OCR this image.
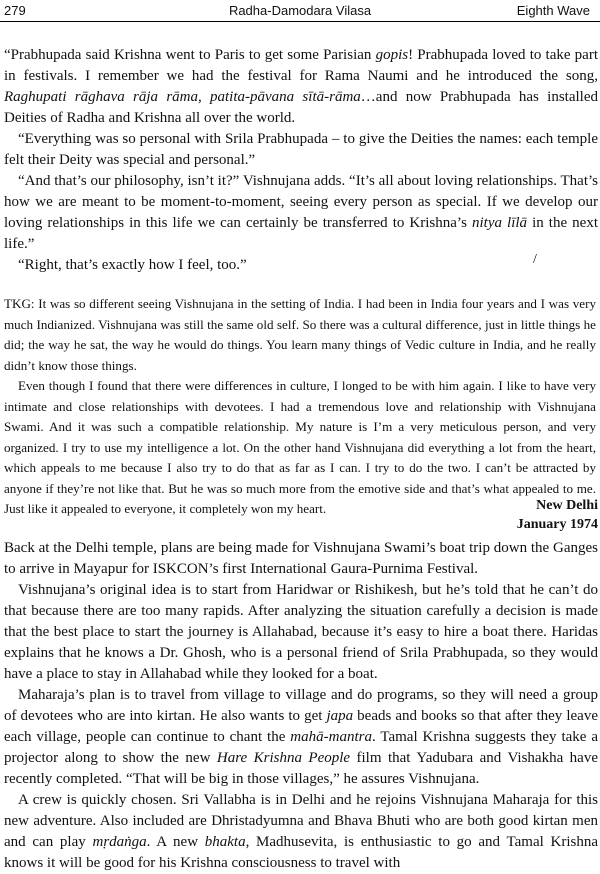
279	Radha-Damodara Vilasa	Eighth Wave

“Prabhupada said Krishna went to Paris to get some Parisian gopis! Prabhupada loved to take part in festivals. I remember we had the festival for Rama Naumi and he introduced the song, Raghupati rāghava rāja rāma, patita-pāvana sītā-rāma…and now Prabhupada has installed Deities of Radha and Krishna all over the world.

“Everything was so personal with Srila Prabhupada – to give the Deities the names: each temple felt their Deity was special and personal.”

“And that’s our philosophy, isn’t it?” Vishnujana adds. “It’s all about loving relationships. That’s how we are meant to be moment-to-moment, seeing every person as special. If we develop our loving relationships in this life we can certainly be transferred to Krishna’s nitya līlā in the next life.”

“Right, that’s exactly how I feel, too.”	/

TKG: It was so different seeing Vishnujana in the setting of India. I had been in India four years and I was very much Indianized. Vishnujana was still the same old self. So there was a cultural difference, just in little things he did; the way he sat, the way he would do things. You learn many things of Vedic culture in India, and he really didn’t know those things.

Even though I found that there were differences in culture, I longed to be with him again. I like to have very intimate and close relationships with devotees. I had a tremendous love and relationship with Vishnujana Swami. And it was such a compatible relationship. My nature is I’m a very meticulous person, and very organized. I try to use my intelligence a lot. On the other hand Vishnujana did everything a lot from the heart, which appeals to me because I also try to do that as far as I can. I try to do the two. I can’t be attracted by anyone if they’re not like that. But he was so much more from the emotive side and that’s what appealed to me. Just like it appealed to everyone, it completely won my heart.	New Delhi

January 1974

Back at the Delhi temple, plans are being made for Vishnujana Swami’s boat trip down the Ganges to arrive in Mayapur for ISKCON’s first International Gaura-Purnima Festival.

Vishnujana’s original idea is to start from Haridwar or Rishikesh, but he’s told that he can’t do that because there are too many rapids. After analyzing the situation carefully a decision is made that the best place to start the journey is Allahabad, because it’s easy to hire a boat there. Haridas explains that he knows a Dr. Ghosh, who is a personal friend of Srila Prabhupada, so they would have a place to stay in Allahabad while they looked for a boat.

Maharaja’s plan is to travel from village to village and do programs, so they will need a group of devotees who are into kirtan. He also wants to get japa beads and books so that after they leave each village, people can continue to chant the mahā-mantra. Tamal Krishna suggests they take a projector along to show the new Hare Krishna People film that Yadubara and Vishakha have recently completed. “That will be big in those villages,” he assures Vishnujana.

A crew is quickly chosen. Sri Vallabha is in Delhi and he rejoins Vishnujana Maharaja for this new adventure. Also included are Dhristadyumna and Bhava Bhuti who are both good kirtan men and can play mṛdaṅga. A new bhakta, Madhusevita, is enthusiastic to go and Tamal Krishna knows it will be good for his Krishna consciousness to travel with
